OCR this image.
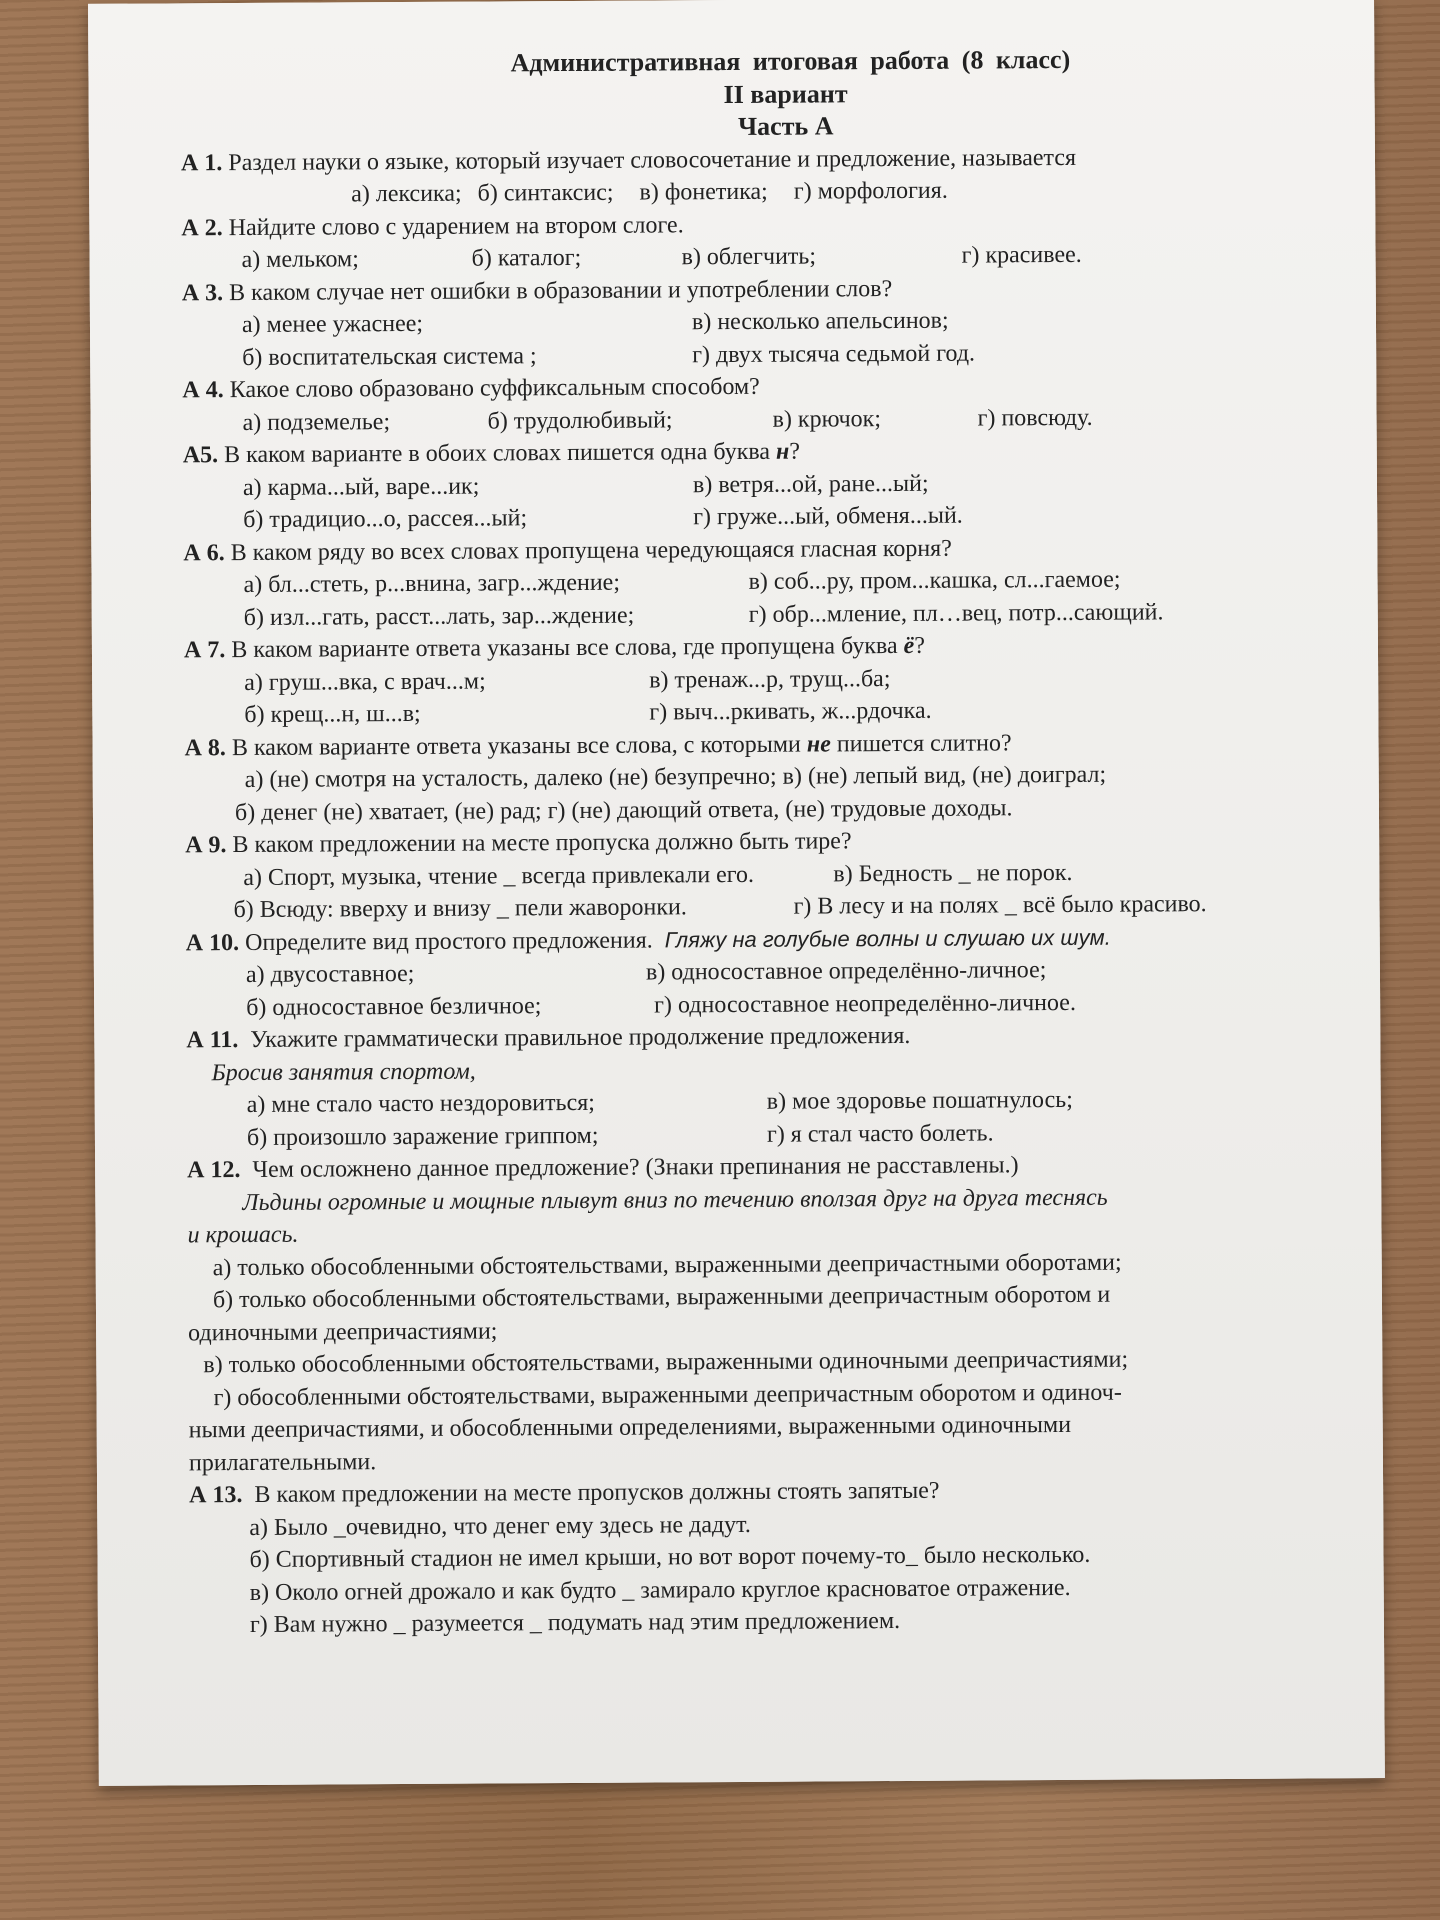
Административная итоговая работа (8 класс)
II вариант
Часть А
А 1. Раздел науки о языке, который изучает словосочетание и предложение, называется
а) лексика; б) синтаксис; в) фонетика; г) морфология.
А 2. Найдите слово с ударением на втором слоге.
а) мельком;	б) каталог;	в) облегчить;	г) красивее.
А 3. В каком случае нет ошибки в образовании и употреблении слов?
а) менее ужаснее;	в) несколько апельсинов;
б) воспитательская система ;	г) двух тысяча седьмой год.
А 4. Какое слово образовано суффиксальным способом?
а) подземелье;	б) трудолюбивый;	в) крючок;	г) повсюду.
А5. В каком варианте в обоих словах пишется одна буква н?
а) карма...ый, варе...ик;	в) ветря...ой, ране...ый;
б) традицио...о, рассея...ый;	г) груже...ый, обменя...ый.
А 6. В каком ряду во всех словах пропущена чередующаяся гласная корня?
а) бл...стеть, р...внина, загр...ждение;	в) соб...ру, пром...кашка, сл...гаемое;
б) изл...гать, расст...лать, зар...ждение;	г) обр...мление, пл…вец, потр...сающий.
А 7. В каком варианте ответа указаны все слова, где пропущена буква ё?
а) груш...вка, с врач...м;	в) тренаж...р, трущ...ба;
б) крещ...н, ш...в;	г) выч...ркивать, ж...рдочка.
А 8. В каком варианте ответа указаны все слова, с которыми не пишется слитно?
а) (не) смотря на усталость, далеко (не) безупречно; в) (не) лепый вид, (не) доиграл;
б) денег (не) хватает, (не) рад; г) (не) дающий ответа, (не) трудовые доходы.
А 9. В каком предложении на месте пропуска должно быть тире?
а) Спорт, музыка, чтение _ всегда привлекали его.	в) Бедность _ не порок.
б) Всюду: вверху и внизу _ пели жаворонки.	г) В лесу и на полях _ всё было красиво.
А 10. Определите вид простого предложения. Гляжу на голубые волны и слушаю их шум.
а) двусоставное;	в) односоставное определённо-личное;
б) односоставное безличное;	г) односоставное неопределённо-личное.
А 11. Укажите грамматически правильное продолжение предложения.
Бросив занятия спортом,
а) мне стало часто нездоровиться;	в) мое здоровье пошатнулось;
б) произошло заражение гриппом;	г) я стал часто болеть.
А 12. Чем осложнено данное предложение? (Знаки препинания не расставлены.)
Льдины огромные и мощные плывут вниз по течению вползая друг на друга теснясь
и крошась.
а) только обособленными обстоятельствами, выраженными деепричастными оборотами;
б) только обособленными обстоятельствами, выраженными деепричастным оборотом и
одиночными деепричастиями;
в) только обособленными обстоятельствами, выраженными одиночными деепричастиями;
г) обособленными обстоятельствами, выраженными деепричастным оборотом и одиноч-
ными деепричастиями, и обособленными определениями, выраженными одиночными
прилагательными.
А 13. В каком предложении на месте пропусков должны стоять запятые?
а) Было _очевидно, что денег ему здесь не дадут.
б) Спортивный стадион не имел крыши, но вот ворот почему-то_ было несколько.
в) Около огней дрожало и как будто _ замирало круглое красноватое отражение.
г) Вам нужно _ разумеется _ подумать над этим предложением.
